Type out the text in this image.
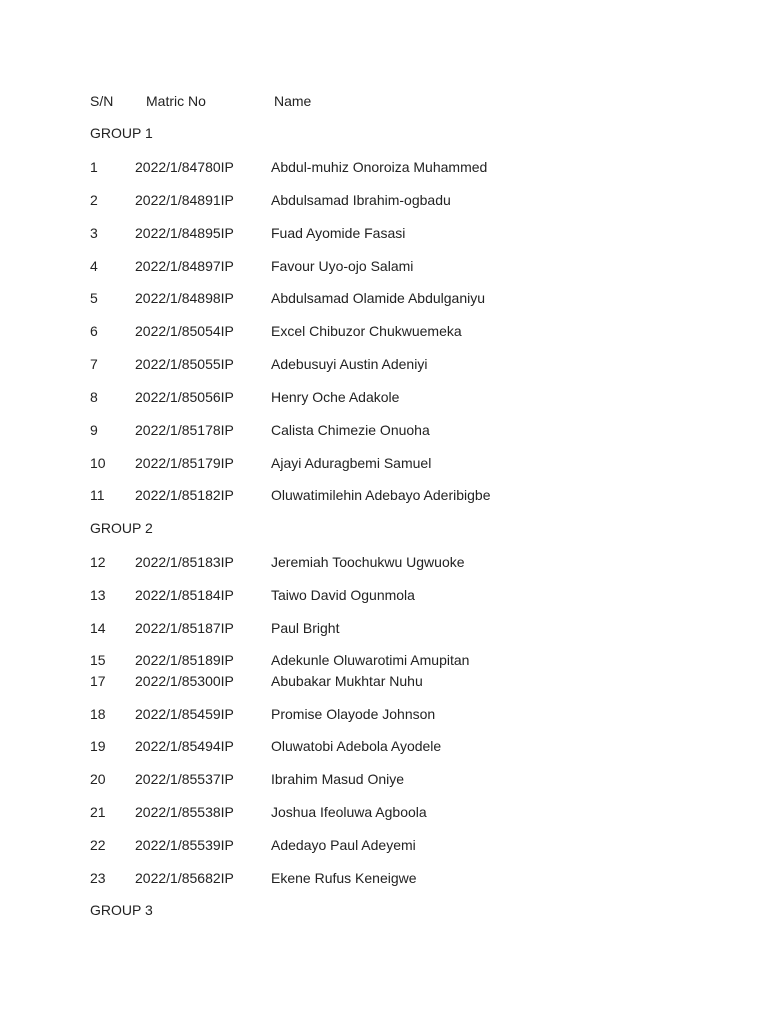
S/N Matric No	Name
GROUP 1
1	2022/1/84780IP	Abdul-muhiz Onoroiza Muhammed
2	2022/1/84891IP	Abdulsamad Ibrahim-ogbadu
3	2022/1/84895IP	Fuad Ayomide Fasasi
4	2022/1/84897IP	Favour Uyo-ojo Salami
5	2022/1/84898IP	Abdulsamad Olamide Abdulganiyu
6	2022/1/85054IP	Excel Chibuzor Chukwuemeka
7	2022/1/85055IP	Adebusuyi Austin Adeniyi
8	2022/1/85056IP	Henry Oche Adakole
9	2022/1/85178IP	Calista Chimezie Onuoha
10 2022/1/85179IP	Ajayi Aduragbemi Samuel
11 2022/1/85182IP	Oluwatimilehin Adebayo Aderibigbe
GROUP 2
12 2022/1/85183IP	Jeremiah Toochukwu Ugwuoke
13 2022/1/85184IP	Taiwo David Ogunmola
14 2022/1/85187IP	Paul Bright
15 2022/1/85189IP	Adekunle Oluwarotimi Amupitan
17 2022/1/85300IP	Abubakar Mukhtar Nuhu
18 2022/1/85459IP	Promise Olayode Johnson
19 2022/1/85494IP	Oluwatobi Adebola Ayodele
20 2022/1/85537IP	Ibrahim Masud Oniye
21 2022/1/85538IP	Joshua Ifeoluwa Agboola
22 2022/1/85539IP	Adedayo Paul Adeyemi
23 2022/1/85682IP	Ekene Rufus Keneigwe
GROUP 3
